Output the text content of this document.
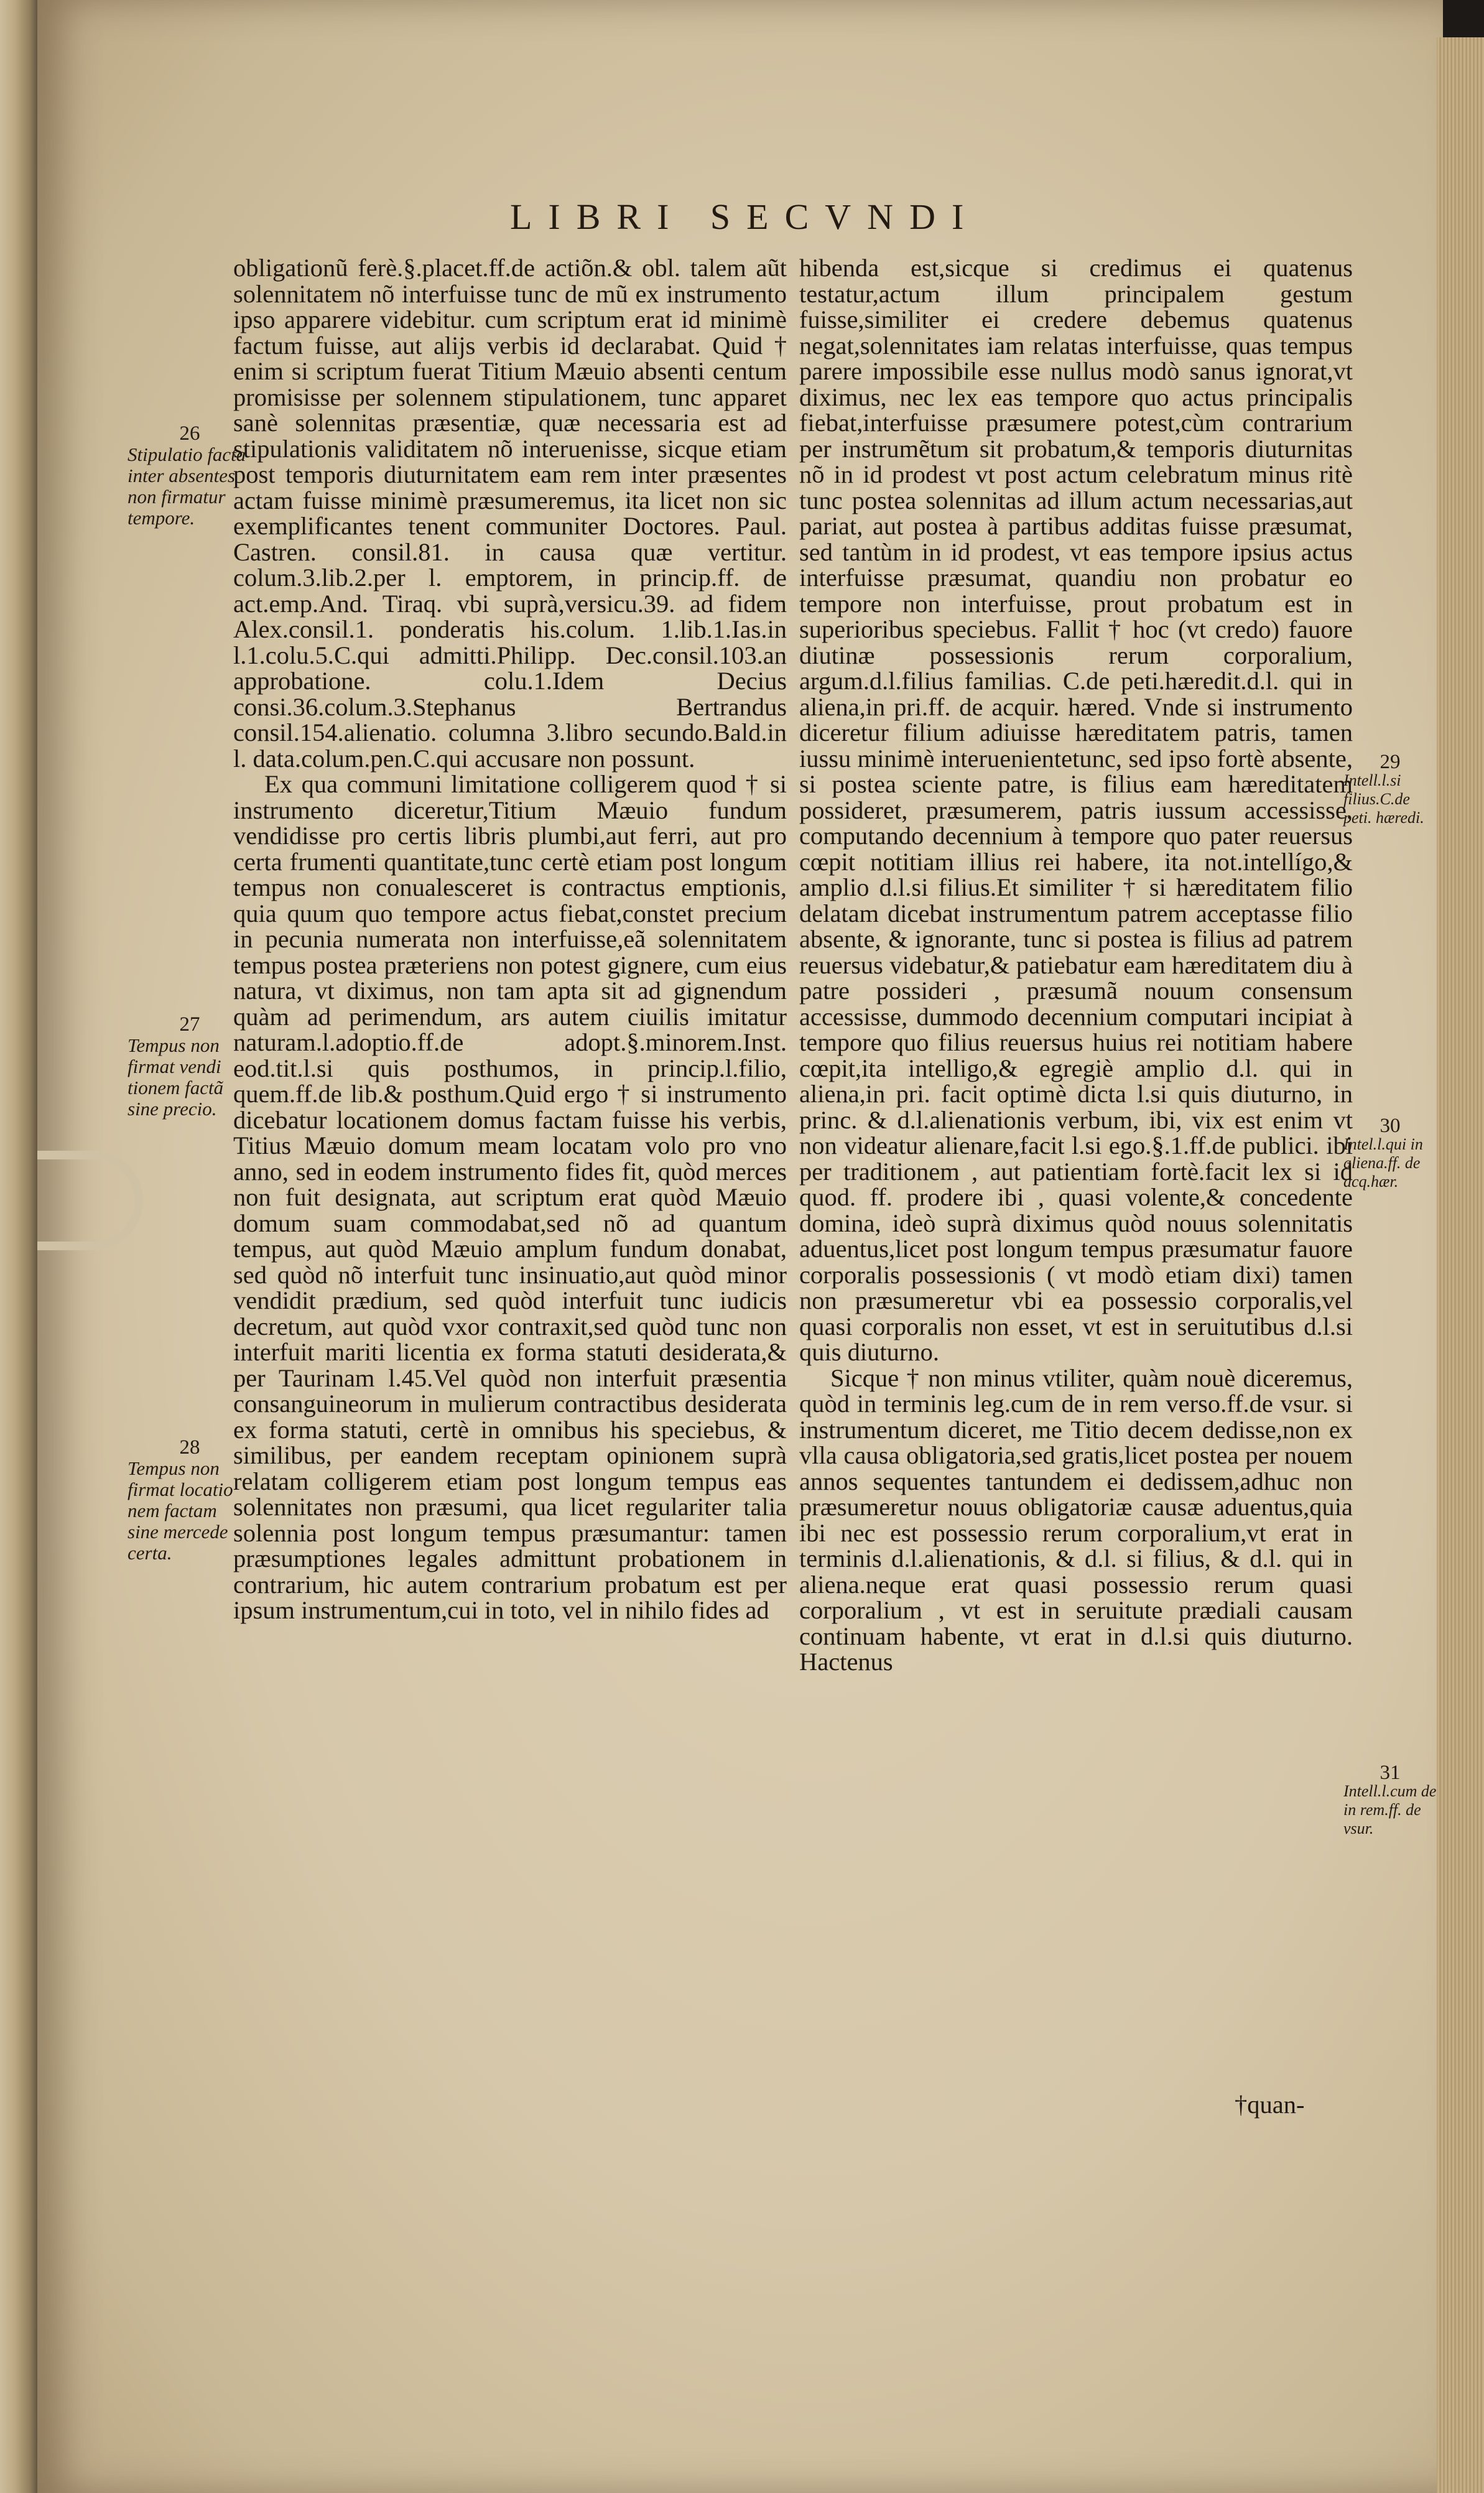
LIBRI SECVNDI

obligationũ ferè.§.placet.ff.de actiõn.& obl. talem aũt solennitatem nõ interfuisse tunc de mũ ex instrumento ipso apparere videbitur. cum scriptum erat id minimè factum fuisse, aut alijs verbis id declarabat. Quid † enim si scriptum fuerat Titium Mæuio absenti centum promisisse per solennem stipulationem, tunc apparet sanè solennitas præsentiæ, quæ necessaria est ad stipulationis validitatem nõ interuenisse, sicque etiam post temporis diuturnitatem eam rem inter præsentes actam fuisse minimè præsumeremus, ita licet non sic exemplificantes tenent communiter Doctores. Paul. Castren. consil.81. in causa quæ vertitur. colum.3.lib.2.per l. emptorem, in princip.ff. de act.emp.And. Tiraq. vbi suprà,versicu.39. ad fidem Alex.consil.1. ponderatis his.colum. 1.lib.1.Ias.in l.1.colu.5.C.qui admitti.Philipp. Dec.consil.103.an approbatione. colu.1.Idem Decius consi.36.colum.3.Stephanus Bertrandus consil.154.alienatio. columna 3.libro secundo.Bald.in l. data.colum.pen.C.qui accusare non possunt.

Ex qua communi limitatione colligerem quod † si instrumento diceretur,Titium Mæuio fundum vendidisse pro certis libris plumbi,aut ferri, aut pro certa frumenti quantitate,tunc certè etiam post longum tempus non conualesceret is contractus emptionis, quia quum quo tempore actus fiebat,constet precium in pecunia numerata non interfuisse,eã solennitatem tempus postea præteriens non potest gignere, cum eius natura, vt diximus, non tam apta sit ad gignendum quàm ad perimendum, ars autem ciuilis imitatur naturam.l.adoptio.ff.de adopt.§.minorem.Inst. eod.tit.l.si quis posthumos, in princip.l.filio, quem.ff.de lib.& posthum.Quid ergo † si instrumento dicebatur locationem domus factam fuisse his verbis, Titius Mæuio domum meam locatam volo pro vno anno, sed in eodem instrumento fides fit, quòd merces non fuit designata, aut scriptum erat quòd Mæuio domum suam commodabat,sed nõ ad quantum tempus, aut quòd Mæuio amplum fundum donabat, sed quòd nõ interfuit tunc insinuatio,aut quòd minor vendidit prædium, sed quòd interfuit tunc iudicis decretum, aut quòd vxor contraxit,sed quòd tunc non interfuit mariti licentia ex forma statuti desiderata,& per Taurinam l.45.Vel quòd non interfuit præsentia consanguineorum in mulierum contractibus desiderata ex forma statuti, certè in omnibus his speciebus, & similibus, per eandem receptam opinionem suprà relatam colligerem etiam post longum tempus eas solennitates non præsumi, qua licet regulariter talia solennia post longum tempus præsumantur: tamen præsumptiones legales admittunt probationem in contrarium, hic autem contrarium probatum est per ipsum instrumentum,cui in toto, vel in nihilo fides ad

hibenda est,sicque si credimus ei quatenus testatur,actum illum principalem gestum fuisse,similiter ei credere debemus quatenus negat,solennitates iam relatas interfuisse, quas tempus parere impossibile esse nullus modò sanus ignorat,vt diximus, nec lex eas tempore quo actus principalis fiebat,interfuisse præsumere potest,cùm contrarium per instrumẽtum sit probatum,& temporis diuturnitas nõ in id prodest vt post actum celebratum minus ritè tunc postea solennitas ad illum actum necessarias,aut pariat, aut postea à partibus additas fuisse præsumat, sed tantùm in id prodest, vt eas tempore ipsius actus interfuisse præsumat, quandiu non probatur eo tempore non interfuisse, prout probatum est in superioribus speciebus. Fallit † hoc (vt credo) fauore diutinæ possessionis rerum corporalium, argum.d.l.filius familias. C.de peti.hæredit.d.l. qui in aliena,in pri.ff. de acquir. hæred. Vnde si instrumento diceretur filium adiuisse hæreditatem patris, tamen iussu minimè interuenientetunc, sed ipso fortè absente, si postea sciente patre, is filius eam hæreditatem possideret, præsumerem, patris iussum accessisse, computando decennium à tempore quo pater reuersus cœpit notitiam illius rei habere, ita not.intellígo,& amplio d.l.si filius.Et similiter † si hæreditatem filio delatam dicebat instrumentum patrem acceptasse filio absente, & ignorante, tunc si postea is filius ad patrem reuersus videbatur,& patiebatur eam hæreditatem diu à patre possideri , præsumã nouum consensum accessisse, dummodo decennium computari incipiat à tempore quo filius reuersus huius rei notitiam habere cœpit,ita intelligo,& egregiè amplio d.l. qui in aliena,in pri. facit optimè dicta l.si quis diuturno, in princ. & d.l.alienationis verbum, ibi, vix est enim vt non videatur alienare,facit l.si ego.§.1.ff.de publici. ibi per traditionem , aut patientiam fortè.facit lex si id quod. ff. prodere ibi , quasi volente,& concedente domina, ideò suprà diximus quòd nouus solennitatis aduentus,licet post longum tempus præsumatur fauore corporalis possessionis ( vt modò etiam dixi) tamen non præsumeretur vbi ea possessio corporalis,vel quasi corporalis non esset, vt est in seruitutibus d.l.si quis diuturno.

Sicque † non minus vtiliter, quàm nouè diceremus, quòd in terminis leg.cum de in rem verso.ff.de vsur. si instrumentum diceret, me Titio decem dedisse,non ex vlla causa obligatoria,sed gratis,licet postea per nouem annos sequentes tantundem ei dedissem,adhuc non præsumeretur nouus obligatoriæ causæ aduentus,quia ibi nec est possessio rerum corporalium,vt erat in terminis d.l.alienationis, & d.l. si filius, & d.l. qui in aliena.neque erat quasi possessio rerum quasi corporalium , vt est in seruitute prædiali causam continuam habente, vt erat in d.l.si quis diuturno. Hactenus

†quan-
26
Stipulatio facta inter absentes non firmatur tempore.
27
Tempus non firmat vendi tionem factã sine precio.
28
Tempus non firmat locatio nem factam sine mercede certa.
29
Intell.l.si filius.C.de peti. hæredi.
30
Intel.l.qui in aliena.ff. de acq.hær.
31
Intell.l.cum de in rem.ff. de vsur.
